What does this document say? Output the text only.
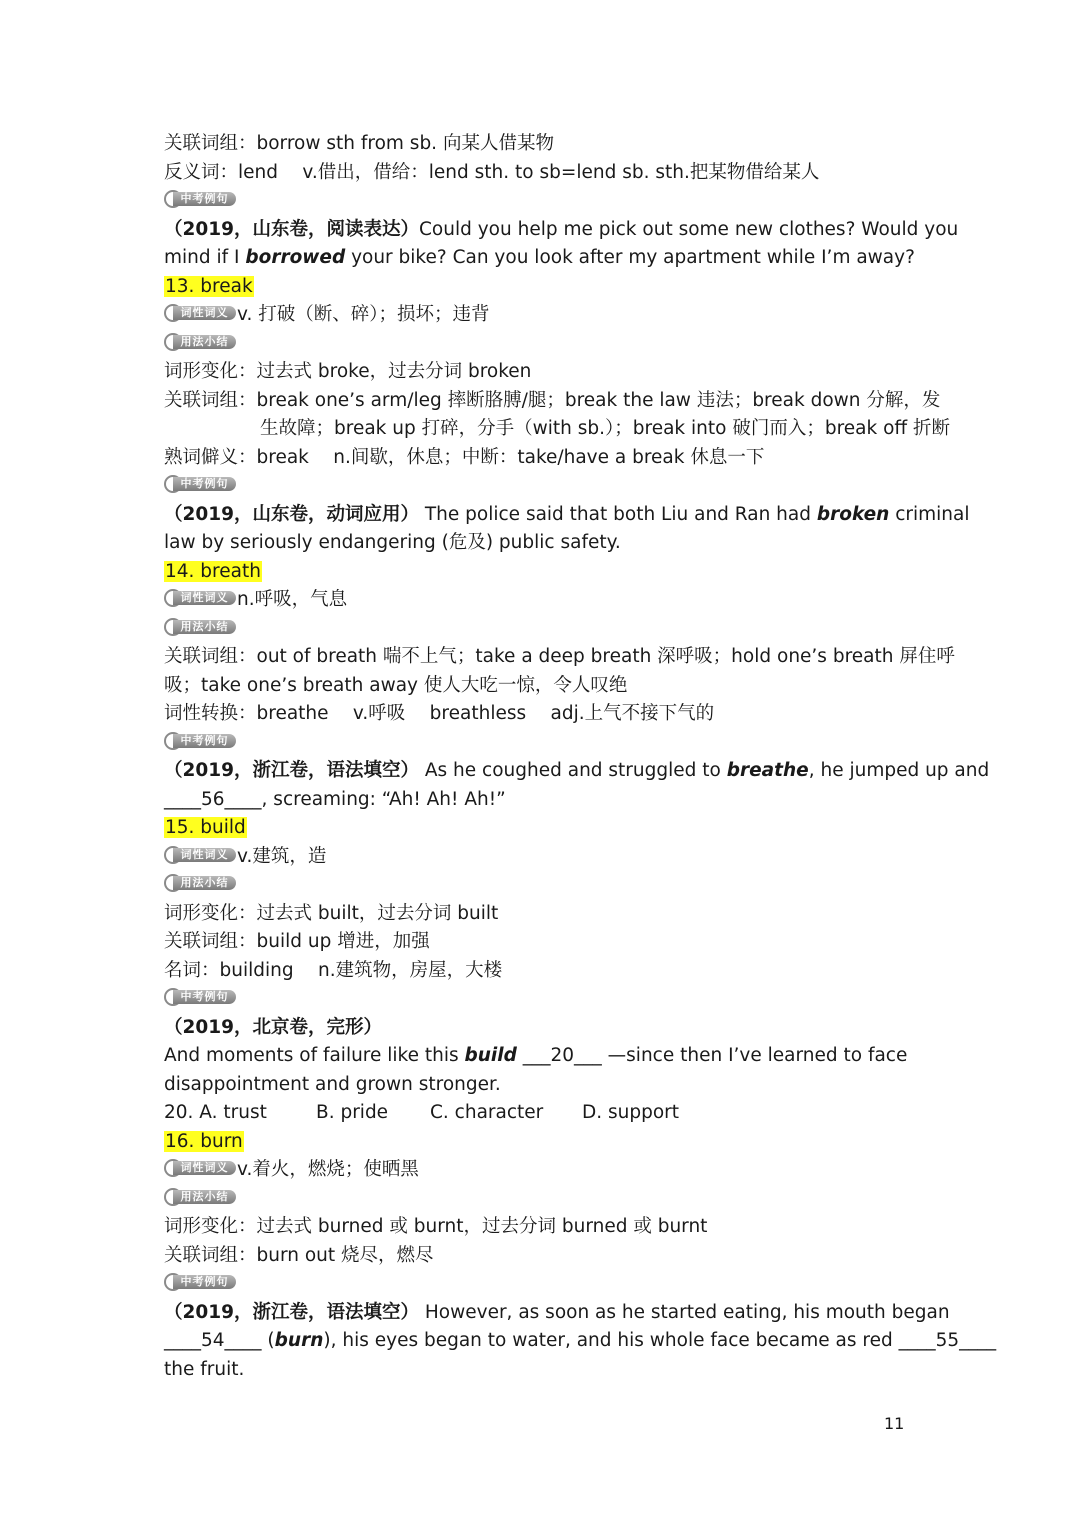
关联词组：borrow sth from sb. 向某人借某物
反义词：lend　 v.借出，借给：lend sth. to sb=lend sb. sth.把某物借给某人
中考例句
（2019，山东卷，阅读表达）Could you help me pick out some new clothes? Would you
mind if I borrowed your bike? Can you look after my apartment while I’m away?
13. break
词性词义 v. 打破（断、碎）；损坏；违背
用法小结
词形变化：过去式 broke，过去分词 broken
关联词组：break one’s arm/leg 摔断胳膊/腿；break the law 违法；break down 分解，发
生故障；break up 打碎，分手（with sb.）；break into 破门而入；break off 折断
熟词僻义：break　 n.间歇，休息；中断：take/have a break 休息一下
中考例句
（2019，山东卷，动词应用） The police said that both Liu and Ran had broken criminal
law by seriously endangering (危及) public safety.
14. breath
词性词义 n.呼吸，气息
用法小结
关联词组：out of breath 喘不上气；take a deep breath 深呼吸；hold one’s breath 屏住呼
吸；take one’s breath away 使人大吃一惊，令人叹绝
词性转换：breathe　 v.呼吸　 breathless　 adj.上气不接下气的
中考例句
（2019，浙江卷，语法填空） As he coughed and struggled to breathe, he jumped up and
____56____, screaming: “Ah! Ah! Ah!”
15. build
词性词义 v.建筑，造
用法小结
词形变化：过去式 built，过去分词 built
关联词组：build up 增进，加强
名词：building　 n.建筑物，房屋，大楼
中考例句
（2019，北京卷，完形）
And moments of failure like this build ___20___ —since then I’ve learned to face
disappointment and grown stronger.
20. A. trust	B. pride C. character D. support
16. burn
词性词义 v.着火，燃烧；使晒黑
用法小结
词形变化：过去式 burned 或 burnt，过去分词 burned 或 burnt
关联词组：burn out 烧尽，燃尽
中考例句
（2019，浙江卷，语法填空） However, as soon as he started eating, his mouth began
____54____ (burn), his eyes began to water, and his whole face became as red ____55____
the fruit.
11
